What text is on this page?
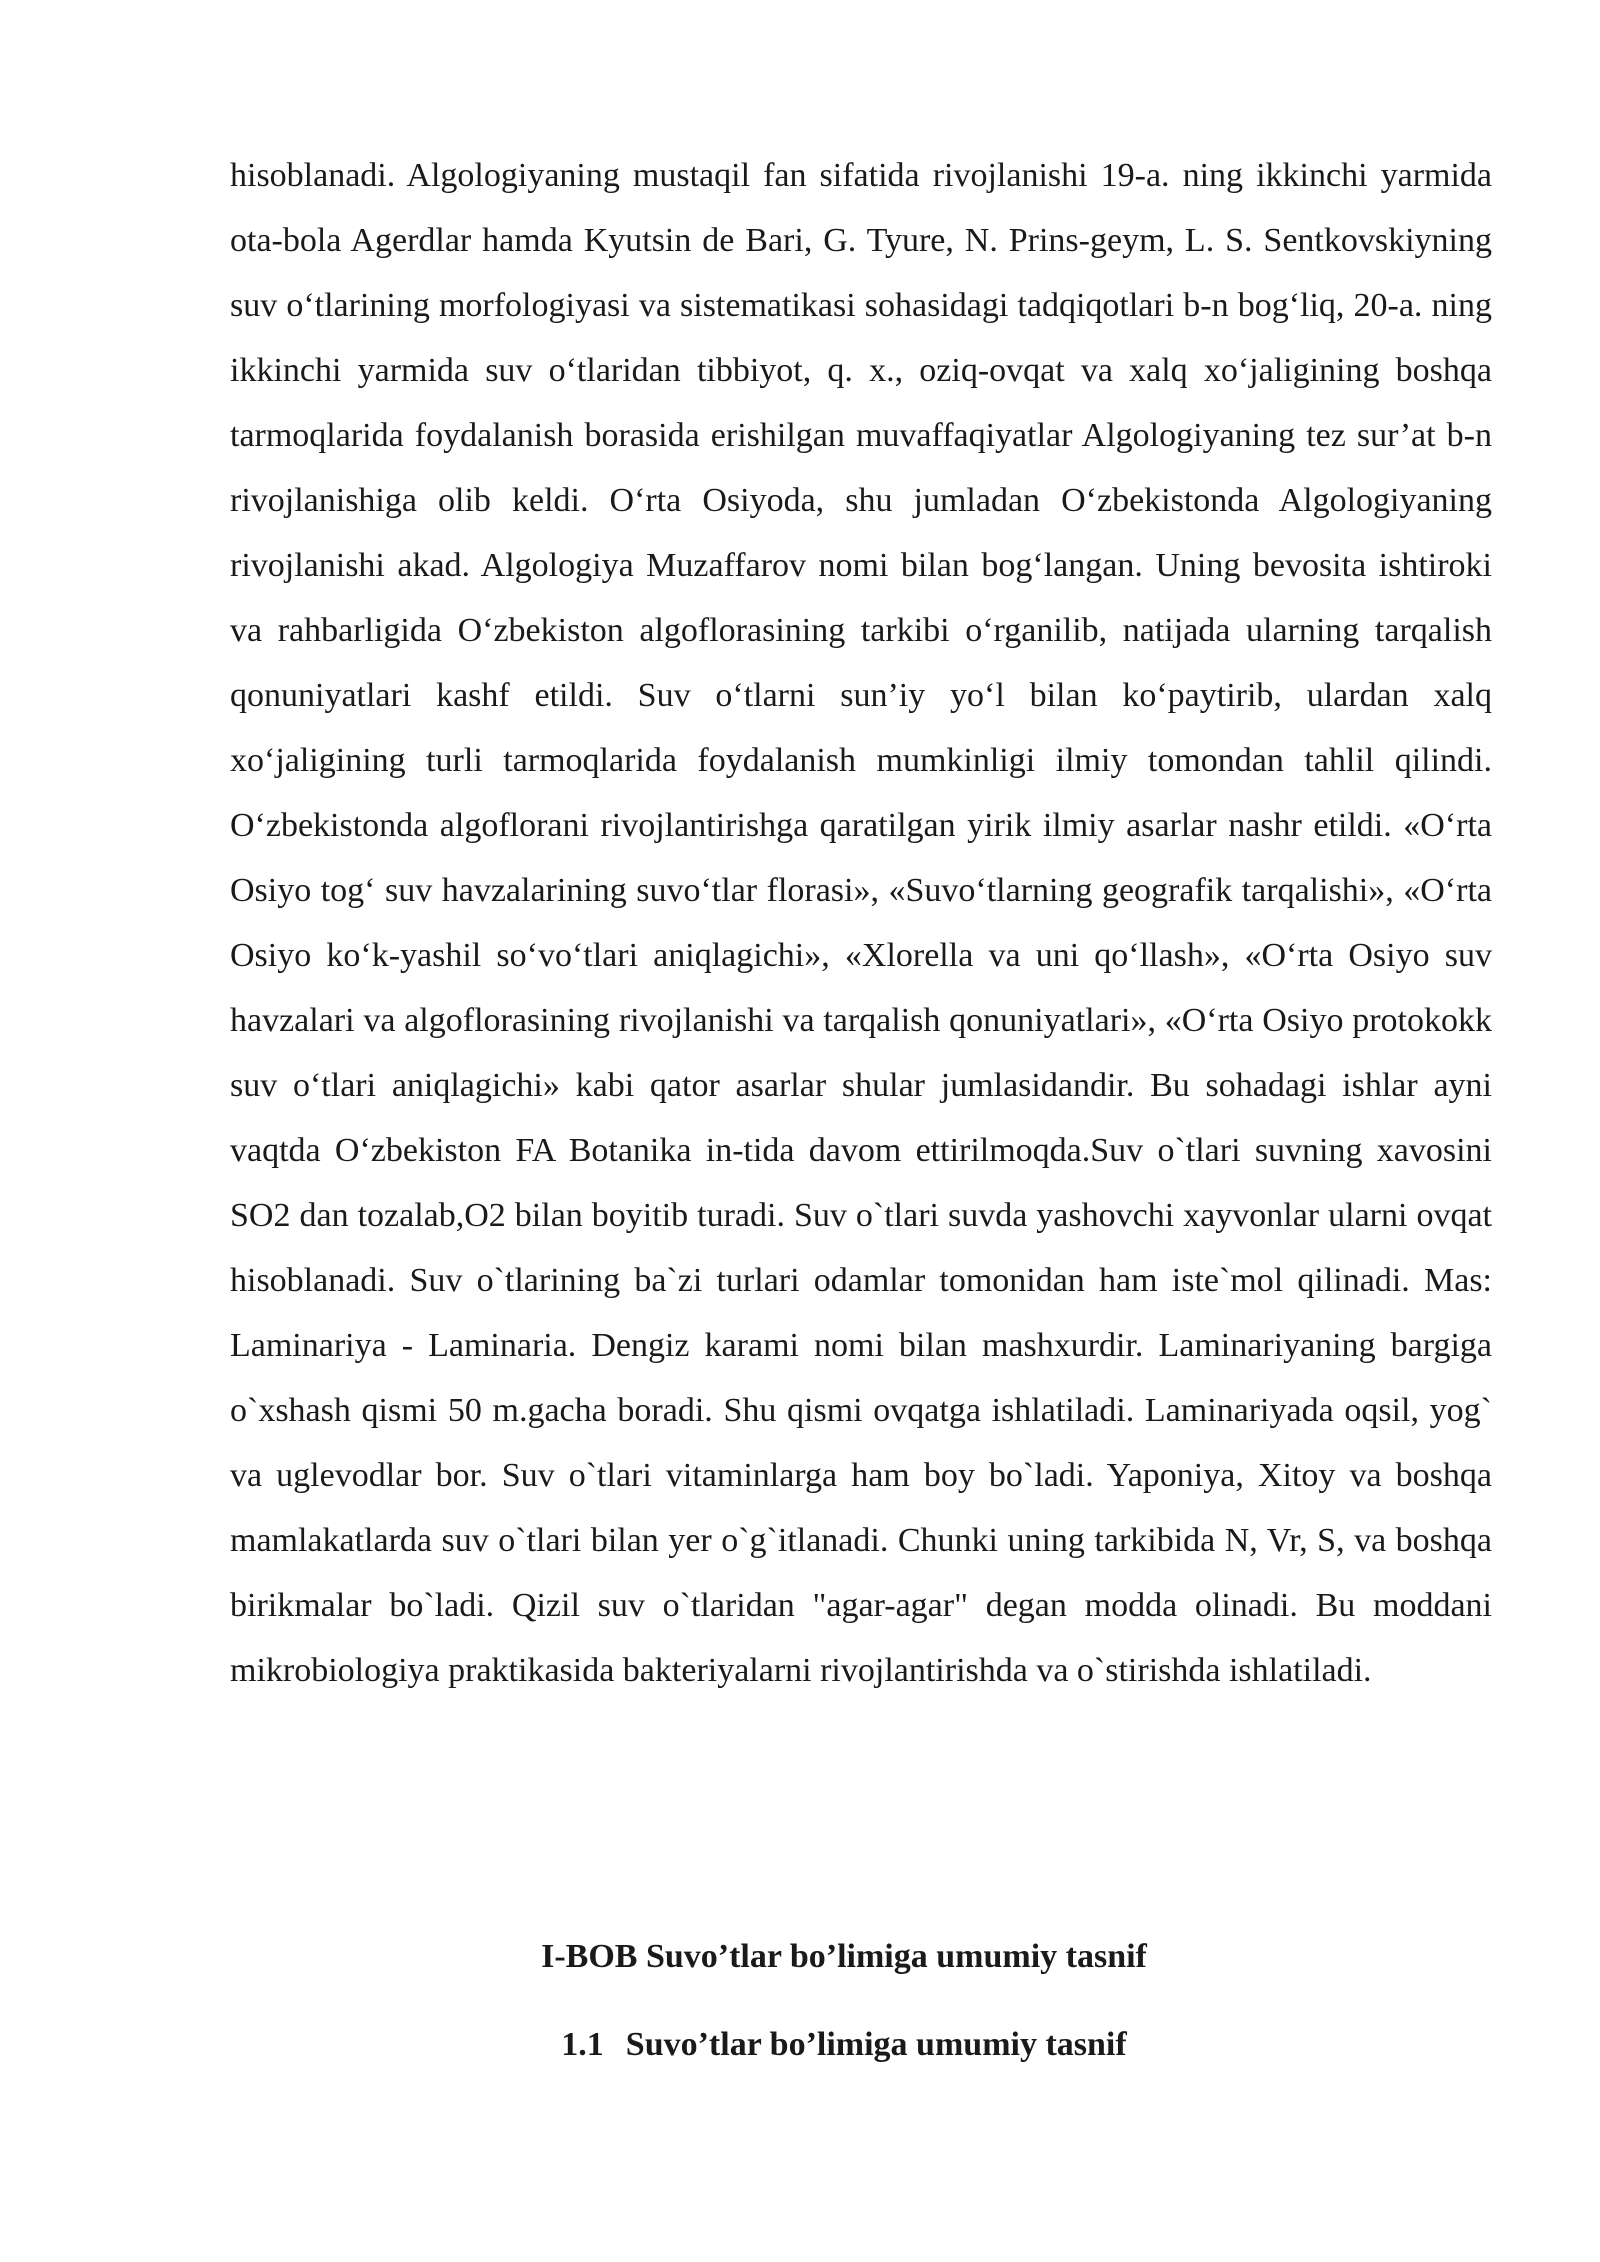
hisoblanadi. Algologiyaning mustaqil fan sifatida rivojlanishi 19-a. ning ikkinchi yarmida ota-bola Agerdlar hamda Kyutsin de Bari, G. Tyure, N. Prins-geym, L. S. Sentkovskiyning suv o‘tlarining morfologiyasi va sistematikasi sohasidagi tadqiqotlari b-n bog‘liq, 20-a. ning ikkinchi yarmida suv o‘tlaridan tibbiyot, q. x., oziq-ovqat va xalq xo‘jaligining boshqa tarmoqlarida foydalanish borasida erishilgan muvaffaqiyatlar Algologiyaning tez sur’at b-n rivojlanishiga olib keldi. O‘rta Osiyoda, shu jumladan O‘zbekistonda Algologiyaning rivojlanishi akad. Algologiya Muzaffarov nomi bilan bog‘langan. Uning bevosita ishtiroki va rahbarligida O‘zbekiston algoflorasining tarkibi o‘rganilib, natijada ularning tarqalish qonuniyatlari kashf etildi. Suv o‘tlarni sun’iy yo‘l bilan ko‘paytirib, ulardan xalq xo‘jaligining turli tarmoqlarida foydalanish mumkinligi ilmiy tomondan tahlil qilindi. O‘zbekistonda algoflorani rivojlantirishga qaratilgan yirik ilmiy asarlar nashr etildi. «O‘rta Osiyo tog‘ suv havzalarining suvo‘tlar florasi», «Suvo‘tlarning geografik tarqalishi», «O‘rta Osiyo ko‘k-yashil so‘vo‘tlari aniqlagichi», «Xlorella va uni qo‘llash», «O‘rta Osiyo suv havzalari va algoflorasining rivojlanishi va tarqalish qonuniyatlari», «O‘rta Osiyo protokokk suv o‘tlari aniqlagichi» kabi qator asarlar shular jumlasidandir. Bu sohadagi ishlar ayni vaqtda O‘zbekiston FA Botanika in-tida davom ettirilmoqda.Suv o`tlari suvning xavosini SO2 dan tozalab,O2 bilan boyitib turadi. Suv o`tlari suvda yashovchi xayvonlar ularni ovqat hisoblanadi. Suv o`tlarining ba`zi turlari odamlar tomonidan ham iste`mol qilinadi. Mas: Laminariya - Laminaria. Dengiz karami nomi bilan mashxurdir. Laminariyaning bargiga o`xshash qismi 50 m.gacha boradi. Shu qismi ovqatga ishlatiladi. Laminariyada oqsil, yog` va uglevodlar bor. Suv o`tlari vitaminlarga ham boy bo`ladi. Yaponiya, Xitoy va boshqa mamlakatlarda suv o`tlari bilan yer o`g`itlanadi. Chunki uning tarkibida N, Vr, S, va boshqa birikmalar bo`ladi. Qizil suv o`tlaridan "agar-agar" degan modda olinadi. Bu moddani mikrobiologiya praktikasida bakteriyalarni rivojlantirishda va o`stirishda ishlatiladi.

I-BOB Suvo’tlar bo’limiga umumiy tasnif
1.1 Suvo’tlar bo’limiga umumiy tasnif
